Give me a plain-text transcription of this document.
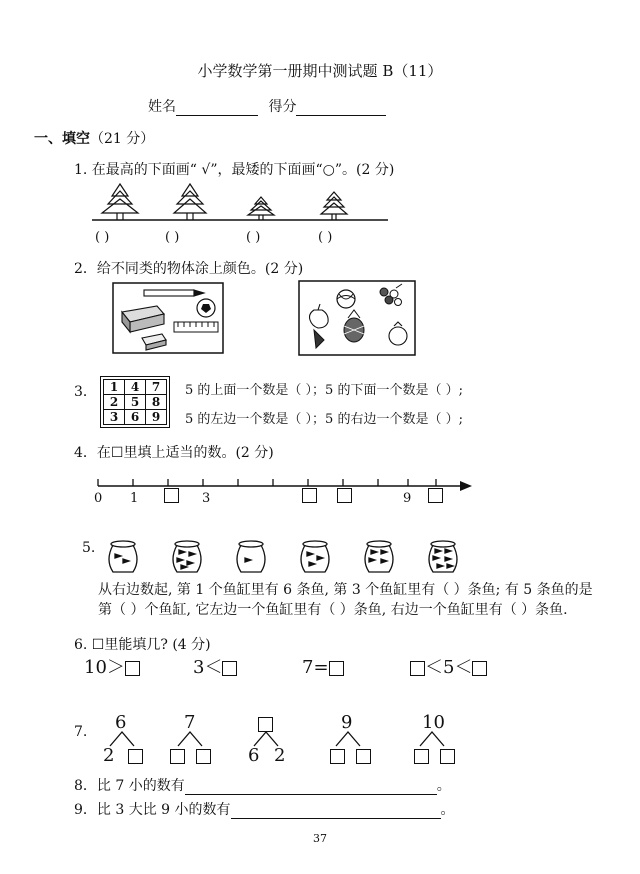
小学数学第一册期中测试题 B（11）
姓名	得分
一、填空（21 分）
1. 在最高的下面画“ √”，最矮的下面画“○”。(2 分)
( )	( )	( )	( )
2．给不同类的物体涂上颜色。(2 分)
3． 1	4	7
2	5	8
3	6	9
5 的上面一个数是（ ）；5 的下面一个数是（ ）;
5 的左边一个数是（ ）；5 的右边一个数是（ ）;
4．在☐里填上适当的数。(2 分)
0 1	3	9
5.
从右边数起, 第 1 个鱼缸里有 6 条鱼, 第 3 个鱼缸里有（ ）条鱼; 有 5 条鱼的是
第（ ）个鱼缸, 它左边一个鱼缸里有（ ）条鱼, 右边一个鱼缸里有（ ）条鱼.
6. ☐里能填几? (4 分)
10＞	3＜	7=	＜5＜
7. 6	7	9	10
2	6 2
8．比 7 小的数有	。
9．比 3 大比 9 小的数有	。
37
